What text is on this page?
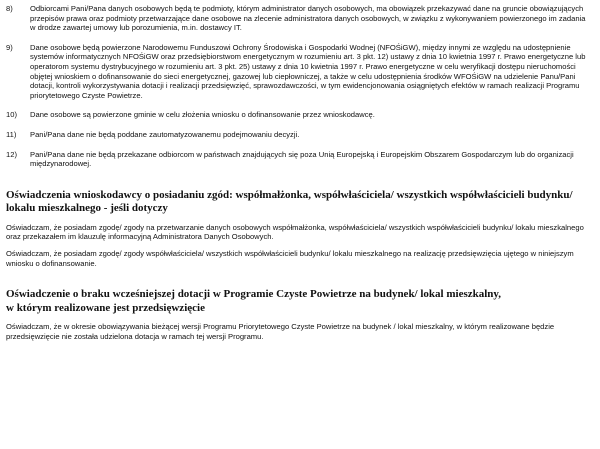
8)	Odbiorcami Pani/Pana danych osobowych będą te podmioty, którym administrator danych osobowych, ma obowiązek przekazywać dane na gruncie obowiązujących przepisów prawa oraz podmioty przetwarzające dane osobowe na zlecenie administratora danych osobowych, w związku z wykonywaniem powierzonego im zadania w drodze zawartej umowy lub porozumienia, m.in. dostawcy IT.
9)	Dane osobowe będą powierzone Narodowemu Funduszowi Ochrony Środowiska i Gospodarki Wodnej (NFOŚiGW), między innymi ze względu na udostępnienie systemów informatycznych NFOŚiGW oraz przedsiębiorstwom energetycznym w rozumieniu art. 3 pkt. 12) ustawy z dnia 10 kwietnia 1997 r. Prawo energetyczne lub operatorom systemu dystrybucyjnego w rozumieniu art. 3 pkt. 25) ustawy z dnia 10 kwietnia 1997 r. Prawo energetyczne w celu weryfikacji dostępu nieruchomości objętej wnioskiem o dofinansowanie do sieci energetycznej, gazowej lub ciepłowniczej, a także w celu udostępnienia środków WFOŚiGW na udzielenie Panu/Pani dotacji, kontroli wykorzystywania dotacji i realizacji przedsięwzięć, sprawozdawczości, w tym ewidencjonowania osiągniętych efektów w ramach realizacji Programu priorytetowego Czyste Powietrze.
10)	Dane osobowe są powierzone gminie w celu złożenia wniosku o dofinansowanie przez wnioskodawcę.
11)	Pani/Pana dane nie będą poddane zautomatyzowanemu podejmowaniu decyzji.
12)	Pani/Pana dane nie będą przekazane odbiorcom w państwach znajdujących się poza Unią Europejską i Europejskim Obszarem Gospodarczym lub do organizacji międzynarodowej.
Oświadczenia wnioskodawcy o posiadaniu zgód: współmałżonka, współwłaściciela/ wszystkich współwłaścicieli budynku/ lokalu mieszkalnego - jeśli dotyczy
Oświadczam, że posiadam zgodę/ zgody na przetwarzanie danych osobowych współmałżonka, współwłaściciela/ wszystkich współwłaścicieli budynku/ lokalu mieszkalnego oraz przekazałem im klauzulę informacyjną Administratora Danych Osobowych.
Oświadczam, że posiadam zgodę/ zgody współwłaściciela/ wszystkich współwłaścicieli budynku/ lokalu mieszkalnego na realizację przedsięwzięcia ujętego w niniejszym wniosku o dofinansowanie.
Oświadczenie o braku wcześniejszej dotacji w Programie Czyste Powietrze na budynek/ lokal mieszkalny,
w którym realizowane jest przedsięwzięcie
Oświadczam, że w okresie obowiązywania bieżącej wersji Programu Priorytetowego Czyste Powietrze na budynek / lokal mieszkalny, w którym realizowane będzie przedsięwzięcie nie została udzielona dotacja w ramach tej wersji Programu.
